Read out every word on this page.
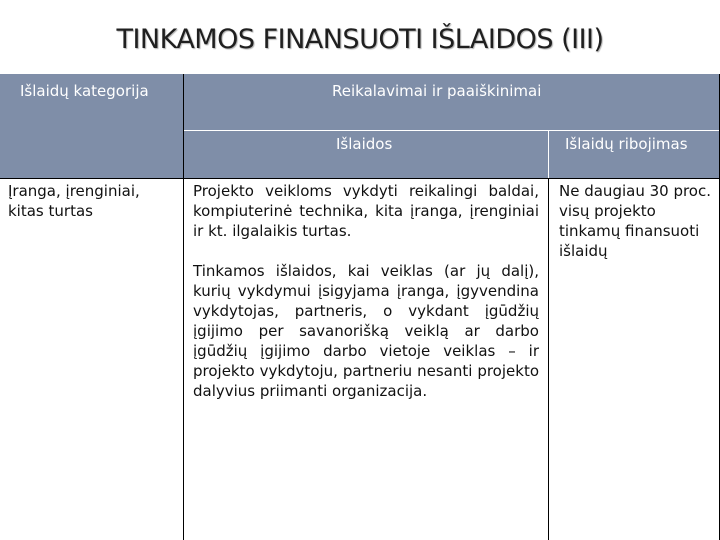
TINKAMOS FINANSUOTI IŠLAIDOS (III)
Išlaidų kategorija	Reikalavimai ir paaiškinimai
Išlaidos	Išlaidų ribojimas

Įranga, įrenginiai, kitas turtas

Projekto veikloms vykdyti reikalingi baldai, kompiuterinė technika, kita įranga, įrenginiai ir kt. ilgalaikis turtas.

Tinkamos išlaidos, kai veiklas (ar jų dalį), kurių vykdymui įsigyjama įranga, įgyvendina vykdytojas, partneris, o vykdant įgūdžių įgijimo per savanorišką veiklą ar darbo įgūdžių įgijimo darbo vietoje veiklas – ir projekto vykdytoju, partneriu nesanti projekto dalyvius priimanti organizacija.

Ne daugiau 30 proc. visų projekto tinkamų finansuoti išlaidų
